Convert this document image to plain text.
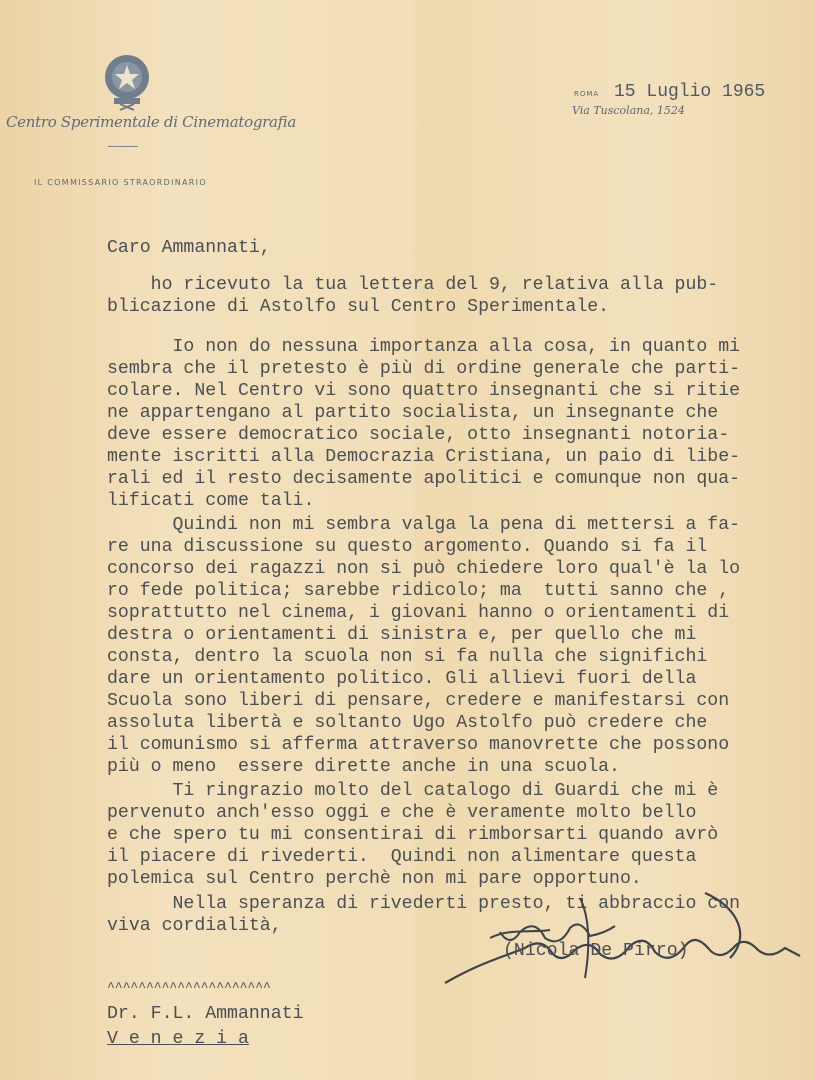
Centro Sperimentale di Cinematografia
IL COMMISSARIO STRAORDINARIO
ROMA 15 Luglio 1965
Via Tuscolana, 1524
Caro Ammannati,
ho ricevuto la tua lettera del 9, relativa alla pub-
blicazione di Astolfo sul Centro Sperimentale.
Io non do nessuna importanza alla cosa, in quanto mi
sembra che il pretesto è più di ordine generale che parti-
colare. Nel Centro vi sono quattro insegnanti che si ritie
ne appartengano al partito socialista, un insegnante che
deve essere democratico sociale, otto insegnanti notoria-
mente iscritti alla Democrazia Cristiana, un paio di libe-
rali ed il resto decisamente apolitici e comunque non qua-
lificati come tali.
Quindi non mi sembra valga la pena di mettersi a fa-
re una discussione su questo argomento. Quando si fa il
concorso dei ragazzi non si può chiedere loro qual'è la lo
ro fede politica; sarebbe ridicolo; ma  tutti sanno che ,
soprattutto nel cinema, i giovani hanno o orientamenti di
destra o orientamenti di sinistra e, per quello che mi
consta, dentro la scuola non si fa nulla che significhi
dare un orientamento politico. Gli allievi fuori della
Scuola sono liberi di pensare, credere e manifestarsi con
assoluta libertà e soltanto Ugo Astolfo può credere che
il comunismo si afferma attraverso manovrette che possono
più o meno  essere dirette anche in una scuola.
Ti ringrazio molto del catalogo di Guardi che mi è
pervenuto anch'esso oggi e che è veramente molto bello
e che spero tu mi consentirai di rimborsarti quando avrò
il piacere di rivederti.  Quindi non alimentare questa
polemica sul Centro perchè non mi pare opportuno.
Nella speranza di rivederti presto, ti abbraccio con
viva cordialità,
(Nicola De Pirro)
^^^^^^^^^^^^^^^^^^^^^
Dr. F.L. Ammannati
V e n e z i a
